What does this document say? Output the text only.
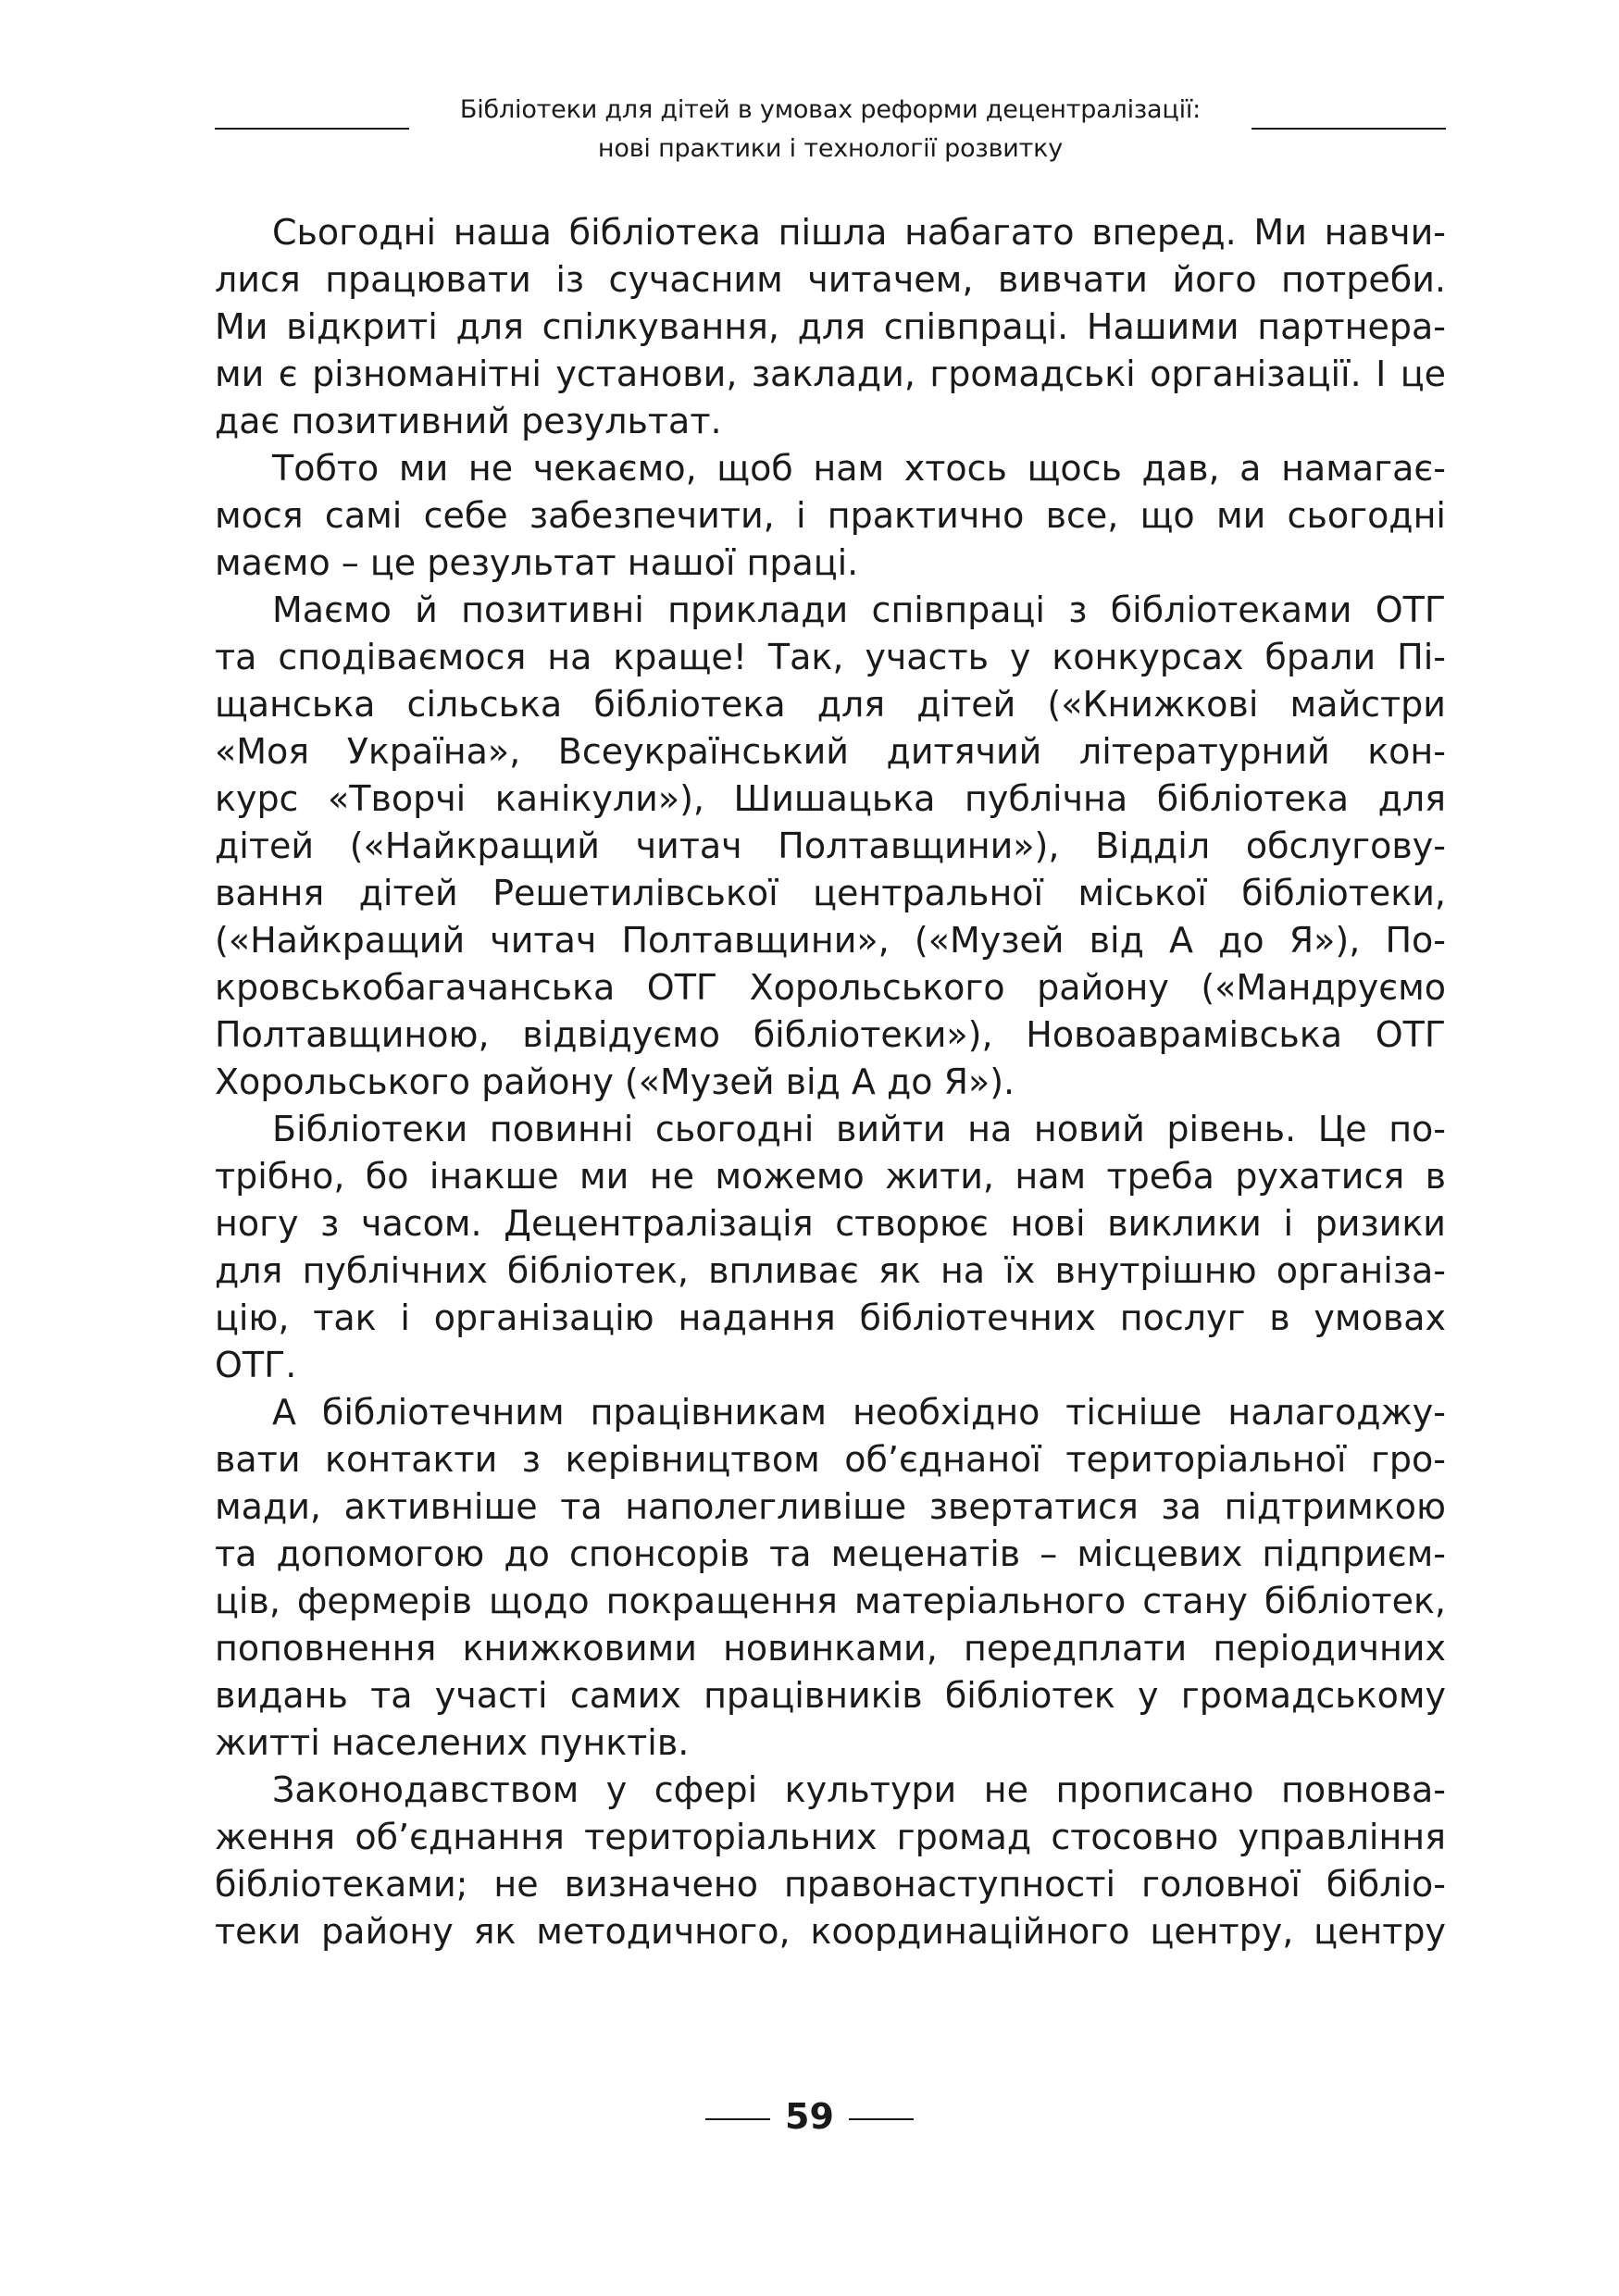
Бібліотеки для дітей в умовах реформи децентралізації:
нові практики і технології розвитку

Сьогодні наша бібліотека пішла набагато вперед. Ми навчи-
лися працювати із сучасним читачем, вивчати його потреби.
Ми відкриті для спілкування, для співпраці. Нашими партнера-
ми є різноманітні установи, заклади, громадські організації. І це
дає позитивний результат.

Тобто ми не чекаємо, щоб нам хтось щось дав, а намагає-
мося самі себе забезпечити, і практично все, що ми сьогодні
маємо – це результат нашої праці.

Маємо й позитивні приклади співпраці з бібліотеками ОТГ
та сподіваємося на краще! Так, участь у конкурсах брали Пі-
щанська сільська бібліотека для дітей («Книжкові майстри
«Моя Україна», Всеукраїнський дитячий літературний кон-
курс «Творчі канікули»), Шишацька публічна бібліотека для
дітей («Найкращий читач Полтавщини»), Відділ обслугову-
вання дітей Решетилівської центральної міської бібліотеки,
(«Найкращий читач Полтавщини», («Музей від А до Я»), По-
кровськобагачанська ОТГ Хорольського району («Мандруємо
Полтавщиною, відвідуємо бібліотеки»), Новоаврамівська ОТГ
Хорольського району («Музей від А до Я»).

Бібліотеки повинні сьогодні вийти на новий рівень. Це по-
трібно, бо інакше ми не можемо жити, нам треба рухатися в
ногу з часом. Децентралізація створює нові виклики і ризики
для публічних бібліотек, впливає як на їх внутрішню організа-
цію, так і організацію надання бібліотечних послуг в умовах
ОТГ.

А бібліотечним працівникам необхідно тісніше налагоджу-
вати контакти з керівництвом об’єднаної територіальної гро-
мади, активніше та наполегливіше звертатися за підтримкою
та допомогою до спонсорів та меценатів – місцевих підприєм-
ців, фермерів щодо покращення матеріального стану бібліотек,
поповнення книжковими новинками, передплати періодичних
видань та участі самих працівників бібліотек у громадському
житті населених пунктів.

Законодавством у сфері культури не прописано повнова-
ження об’єднання територіальних громад стосовно управління
бібліотеками; не визначено правонаступності головної бібліо-
теки району як методичного, координаційного центру, центру

59
